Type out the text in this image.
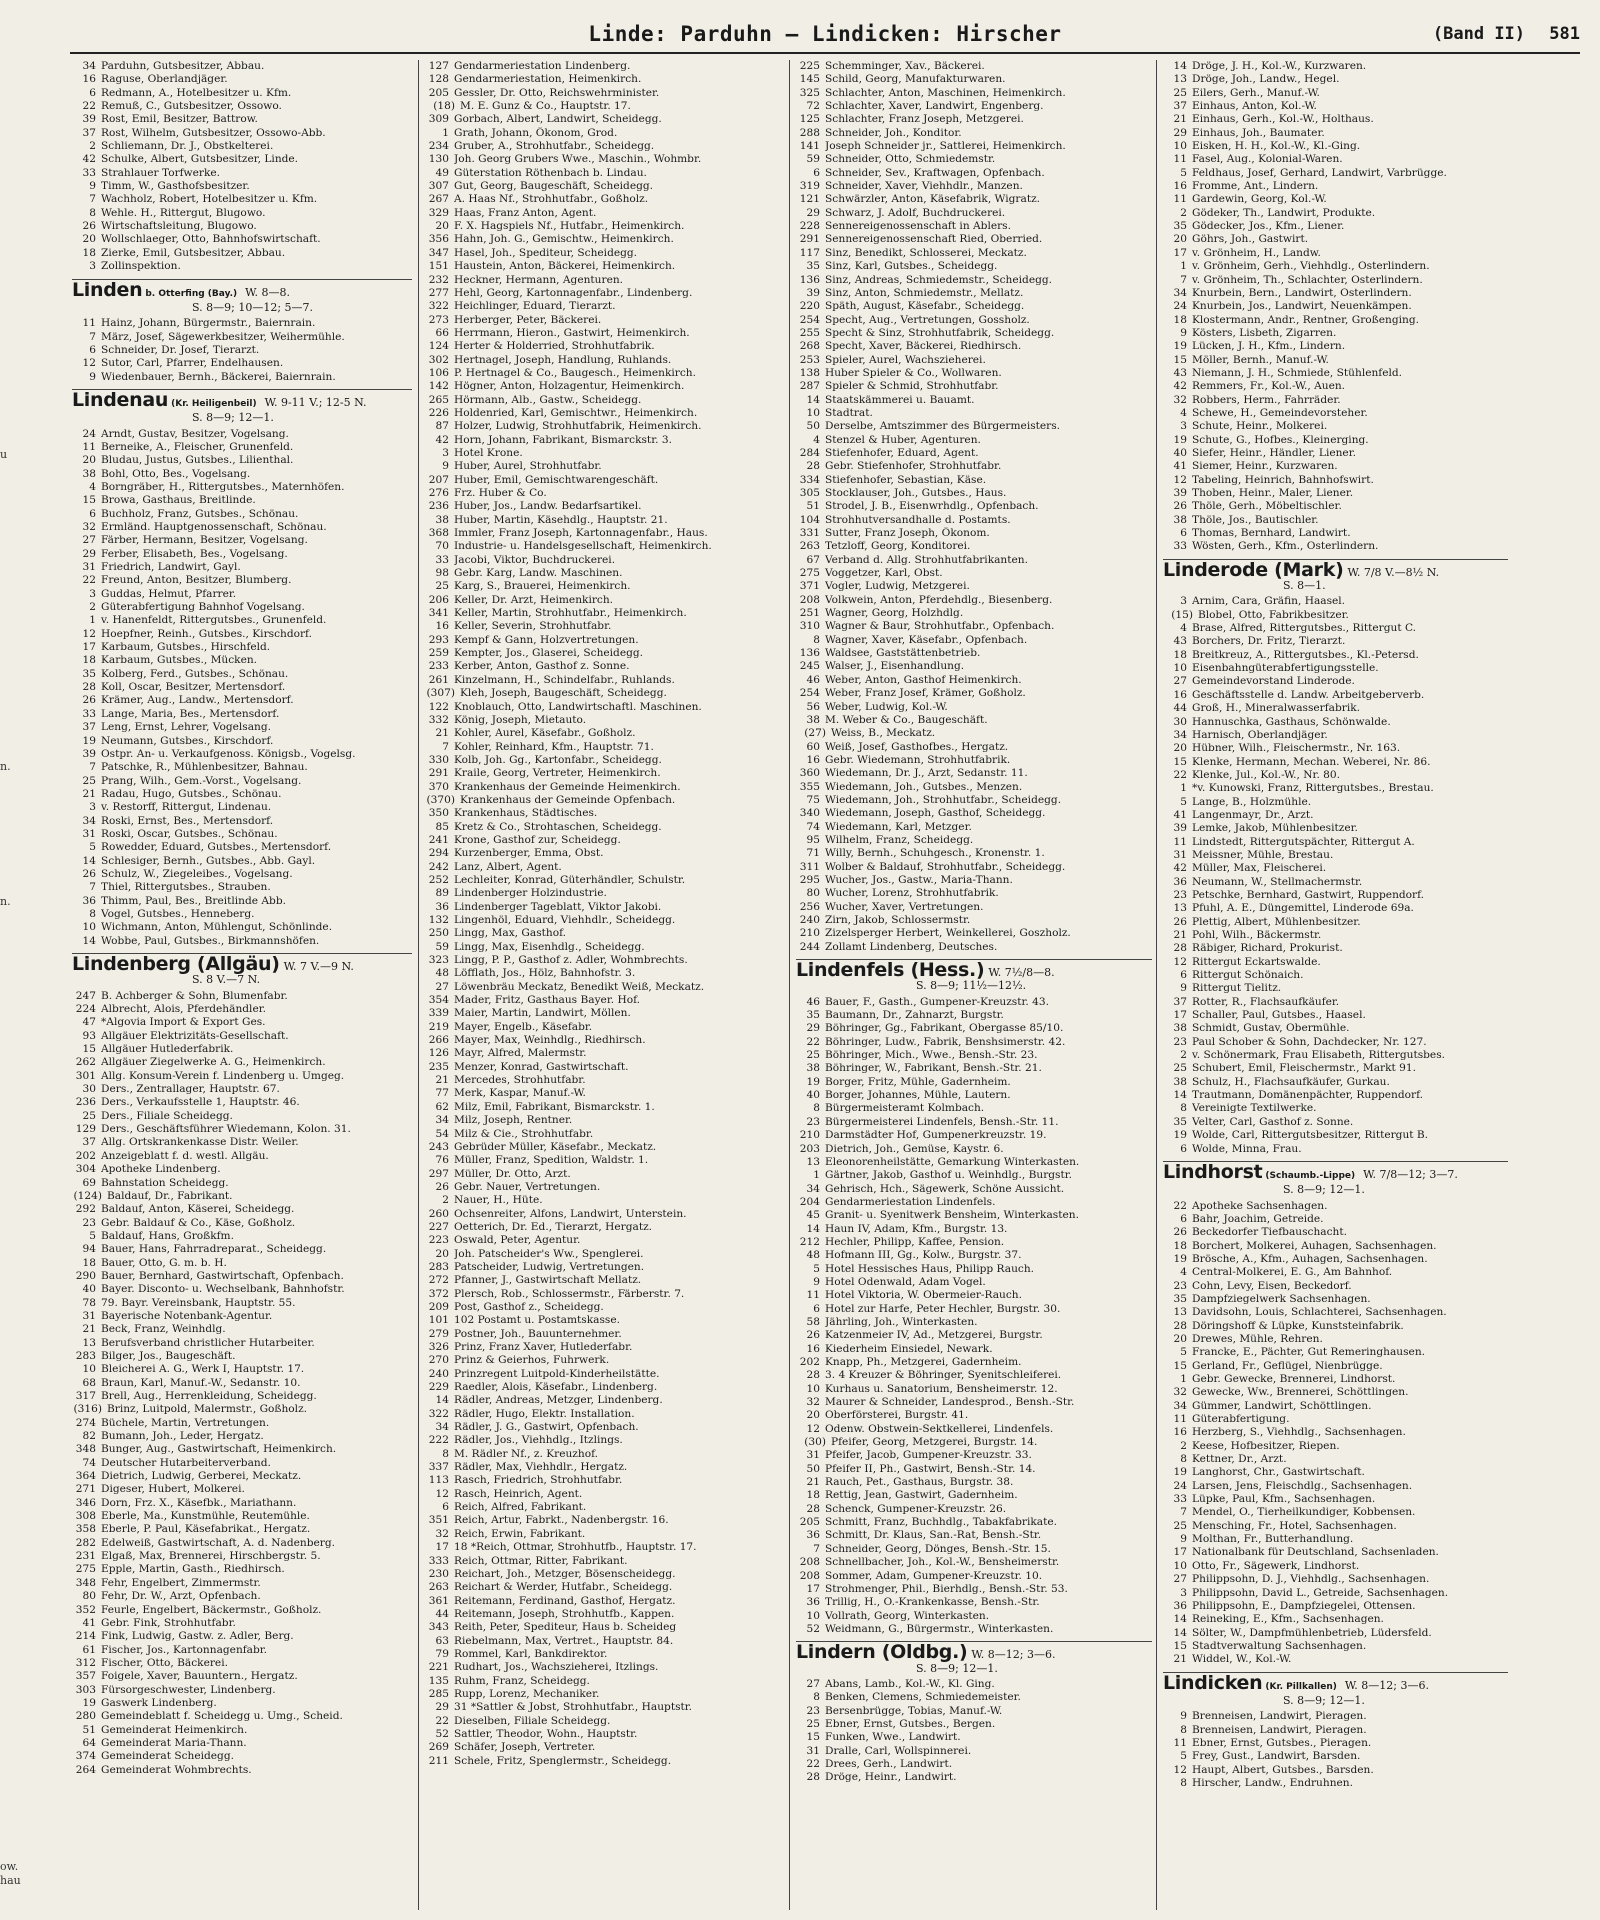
Linde: Parduhn — Lindicken: Hirscher	(Band II) 581
u
n.
n.
ow.
hau
34 Parduhn, Gutsbesitzer, Abbau.
16 Raguse, Oberlandjäger.
6 Redmann, A., Hotelbesitzer u. Kfm.
22 Remuß, C., Gutsbesitzer, Ossowo.
39 Rost, Emil, Besitzer, Battrow.
37 Rost, Wilhelm, Gutsbesitzer, Ossowo-Abb.
2 Schliemann, Dr. J., Obstkelterei.
42 Schulke, Albert, Gutsbesitzer, Linde.
33 Strahlauer Torfwerke.
9 Timm, W., Gasthofsbesitzer.
7 Wachholz, Robert, Hotelbesitzer u. Kfm.
8 Wehle. H., Rittergut, Blugowo.
26 Wirtschaftsleitung, Blugowo.
20 Wollschlaeger, Otto, Bahnhofswirtschaft.
18 Zierke, Emil, Gutsbesitzer, Abbau.
3 Zollinspektion.
Linden b. Otterfing (Bay.) W. 8—8.
S. 8—9; 10—12; 5—7.
11 Hainz, Johann, Bürgermstr., Baiernrain.
7 März, Josef, Sägewerkbesitzer, Weihermühle.
6 Schneider, Dr. Josef, Tierarzt.
12 Sutor, Carl, Pfarrer, Endelhausen.
9 Wiedenbauer, Bernh., Bäckerei, Baiernrain.
Lindenau (Kr. Heiligenbeil) W. 9-11 V.; 12-5 N.
S. 8—9; 12—1.
24 Arndt, Gustav, Besitzer, Vogelsang.
11 Berneike, A., Fleischer, Grunenfeld.
20 Bludau, Justus, Gutsbes., Lilienthal.
38 Bohl, Otto, Bes., Vogelsang.
4 Borngräber, H., Rittergutsbes., Maternhöfen.
15 Browa, Gasthaus, Breitlinde.
6 Buchholz, Franz, Gutsbes., Schönau.
32 Ermländ. Hauptgenossenschaft, Schönau.
27 Färber, Hermann, Besitzer, Vogelsang.
29 Ferber, Elisabeth, Bes., Vogelsang.
31 Friedrich, Landwirt, Gayl.
22 Freund, Anton, Besitzer, Blumberg.
3 Guddas, Helmut, Pfarrer.
2 Güterabfertigung Bahnhof Vogelsang.
1 v. Hanenfeldt, Rittergutsbes., Grunenfeld.
12 Hoepfner, Reinh., Gutsbes., Kirschdorf.
17 Karbaum, Gutsbes., Hirschfeld.
18 Karbaum, Gutsbes., Mücken.
35 Kolberg, Ferd., Gutsbes., Schönau.
28 Koll, Oscar, Besitzer, Mertensdorf.
26 Krämer, Aug., Landw., Mertensdorf.
33 Lange, Maria, Bes., Mertensdorf.
37 Leng, Ernst, Lehrer, Vogelsang.
19 Neumann, Gutsbes., Kirschdorf.
39 Ostpr. An- u. Verkaufgenoss. Königsb., Vogelsg.
7 Patschke, R., Mühlenbesitzer, Bahnau.
25 Prang, Wilh., Gem.-Vorst., Vogelsang.
21 Radau, Hugo, Gutsbes., Schönau.
3 v. Restorff, Rittergut, Lindenau.
34 Roski, Ernst, Bes., Mertensdorf.
31 Roski, Oscar, Gutsbes., Schönau.
5 Rowedder, Eduard, Gutsbes., Mertensdorf.
14 Schlesiger, Bernh., Gutsbes., Abb. Gayl.
26 Schulz, W., Ziegeleibes., Vogelsang.
7 Thiel, Rittergutsbes., Strauben.
36 Thimm, Paul, Bes., Breitlinde Abb.
8 Vogel, Gutsbes., Henneberg.
10 Wichmann, Anton, Mühlengut, Schönlinde.
14 Wobbe, Paul, Gutsbes., Birkmannshöfen.
Lindenberg (Allgäu) W. 7 V.—9 N.
S. 8 V.—7 N.
247 B. Achberger & Sohn, Blumenfabr.
224 Albrecht, Alois, Pferdehändler.
47 *Algovia Import & Export Ges.
93 Allgäuer Elektrizitäts-Gesellschaft.
15 Allgäuer Hutlederfabrik.
262 Allgäuer Ziegelwerke A. G., Heimenkirch.
301 Allg. Konsum-Verein f. Lindenberg u. Umgeg.
30 Ders., Zentrallager, Hauptstr. 67.
236 Ders., Verkaufsstelle 1, Hauptstr. 46.
25 Ders., Filiale Scheidegg.
129 Ders., Geschäftsführer Wiedemann, Kolon. 31.
37 Allg. Ortskrankenkasse Distr. Weiler.
202 Anzeigeblatt f. d. westl. Allgäu.
304 Apotheke Lindenberg.
69 Bahnstation Scheidegg.
(124) Baldauf, Dr., Fabrikant.
292 Baldauf, Anton, Käserei, Scheidegg.
23 Gebr. Baldauf & Co., Käse, Goßholz.
5 Baldauf, Hans, Großkfm.
94 Bauer, Hans, Fahrradreparat., Scheidegg.
18 Bauer, Otto, G. m. b. H.
290 Bauer, Bernhard, Gastwirtschaft, Opfenbach.
40 Bayer. Disconto- u. Wechselbank, Bahnhofstr.
78 79. Bayr. Vereinsbank, Hauptstr. 55.
31 Bayerische Notenbank-Agentur.
21 Beck, Franz, Weinhdlg.
13 Berufsverband christlicher Hutarbeiter.
283 Bilger, Jos., Baugeschäft.
10 Bleicherei A. G., Werk I, Hauptstr. 17.
68 Braun, Karl, Manuf.-W., Sedanstr. 10.
317 Brell, Aug., Herrenkleidung, Scheidegg.
(316) Brinz, Luitpold, Malermstr., Goßholz.
274 Büchele, Martin, Vertretungen.
82 Bumann, Joh., Leder, Hergatz.
348 Bunger, Aug., Gastwirtschaft, Heimenkirch.
74 Deutscher Hutarbeiterverband.
364 Dietrich, Ludwig, Gerberei, Meckatz.
271 Digeser, Hubert, Molkerei.
346 Dorn, Frz. X., Käsefbk., Mariathann.
308 Eberle, Ma., Kunstmühle, Reutemühle.
358 Eberle, P. Paul, Käsefabrikat., Hergatz.
282 Edelweiß, Gastwirtschaft, A. d. Nadenberg.
231 Elgaß, Max, Brennerei, Hirschbergstr. 5.
275 Epple, Martin, Gasth., Riedhirsch.
348 Fehr, Engelbert, Zimmermstr.
80 Fehr, Dr. W., Arzt, Opfenbach.
352 Feurle, Engelbert, Bäckermstr., Goßholz.
41 Gebr. Fink, Strohhutfabr.
214 Fink, Ludwig, Gastw. z. Adler, Berg.
61 Fischer, Jos., Kartonnagenfabr.
312 Fischer, Otto, Bäckerei.
357 Foigele, Xaver, Bauuntern., Hergatz.
303 Fürsorgeschwester, Lindenberg.
19 Gaswerk Lindenberg.
280 Gemeindeblatt f. Scheidegg u. Umg., Scheid.
51 Gemeinderat Heimenkirch.
64 Gemeinderat Maria-Thann.
374 Gemeinderat Scheidegg.
264 Gemeinderat Wohmbrechts.
127 Gendarmeriestation Lindenberg.
128 Gendarmeriestation, Heimenkirch.
205 Gessler, Dr. Otto, Reichswehrminister.
(18) M. E. Gunz & Co., Hauptstr. 17.
309 Gorbach, Albert, Landwirt, Scheidegg.
1 Grath, Johann, Ökonom, Grod.
234 Gruber, A., Strohhutfabr., Scheidegg.
130 Joh. Georg Grubers Wwe., Maschin., Wohmbr.
49 Güterstation Röthenbach b. Lindau.
307 Gut, Georg, Baugeschäft, Scheidegg.
267 A. Haas Nf., Strohhutfabr., Goßholz.
329 Haas, Franz Anton, Agent.
20 F. X. Hagspiels Nf., Hutfabr., Heimenkirch.
356 Hahn, Joh. G., Gemischtw., Heimenkirch.
347 Hasel, Joh., Spediteur, Scheidegg.
151 Haustein, Anton, Bäckerei, Heimenkirch.
232 Heckner, Hermann, Agenturen.
277 Hehl, Georg, Kartonnagenfabr., Lindenberg.
322 Heichlinger, Eduard, Tierarzt.
273 Herberger, Peter, Bäckerei.
66 Herrmann, Hieron., Gastwirt, Heimenkirch.
124 Herter & Holderried, Strohhutfabrik.
302 Hertnagel, Joseph, Handlung, Ruhlands.
106 P. Hertnagel & Co., Baugesch., Heimenkirch.
142 Högner, Anton, Holzagentur, Heimenkirch.
265 Hörmann, Alb., Gastw., Scheidegg.
226 Holdenried, Karl, Gemischtwr., Heimenkirch.
87 Holzer, Ludwig, Strohhutfabrik, Heimenkirch.
42 Horn, Johann, Fabrikant, Bismarckstr. 3.
3 Hotel Krone.
9 Huber, Aurel, Strohhutfabr.
207 Huber, Emil, Gemischtwarengeschäft.
276 Frz. Huber & Co.
236 Huber, Jos., Landw. Bedarfsartikel.
38 Huber, Martin, Käsehdlg., Hauptstr. 21.
368 Immler, Franz Joseph, Kartonnagenfabr., Haus.
70 Industrie- u. Handelsgesellschaft, Heimenkirch.
33 Jacobi, Viktor, Buchdruckerei.
98 Gebr. Karg, Landw. Maschinen.
25 Karg, S., Brauerei, Heimenkirch.
206 Keller, Dr. Arzt, Heimenkirch.
341 Keller, Martin, Strohhutfabr., Heimenkirch.
16 Keller, Severin, Strohhutfabr.
293 Kempf & Gann, Holzvertretungen.
259 Kempter, Jos., Glaserei, Scheidegg.
233 Kerber, Anton, Gasthof z. Sonne.
261 Kinzelmann, H., Schindelfabr., Ruhlands.
(307) Kleh, Joseph, Baugeschäft, Scheidegg.
122 Knoblauch, Otto, Landwirtschaftl. Maschinen.
332 König, Joseph, Mietauto.
21 Kohler, Aurel, Käsefabr., Goßholz.
7 Kohler, Reinhard, Kfm., Hauptstr. 71.
330 Kolb, Joh. Gg., Kartonfabr., Scheidegg.
291 Kraile, Georg, Vertreter, Heimenkirch.
370 Krankenhaus der Gemeinde Heimenkirch.
(370) Krankenhaus der Gemeinde Opfenbach.
350 Krankenhaus, Städtisches.
85 Kretz & Co., Strohtaschen, Scheidegg.
241 Krone, Gasthof zur, Scheidegg.
294 Kurzenberger, Emma, Obst.
242 Lanz, Albert, Agent.
252 Lechleiter, Konrad, Güterhändler, Schulstr.
89 Lindenberger Holzindustrie.
36 Lindenberger Tageblatt, Viktor Jakobi.
132 Lingenhöl, Eduard, Viehhdlr., Scheidegg.
250 Lingg, Max, Gasthof.
59 Lingg, Max, Eisenhdlg., Scheidegg.
323 Lingg, P. P., Gasthof z. Adler, Wohmbrechts.
48 Löfflath, Jos., Hölz, Bahnhofstr. 3.
27 Löwenbräu Meckatz, Benedikt Weiß, Meckatz.
354 Mader, Fritz, Gasthaus Bayer. Hof.
339 Maier, Martin, Landwirt, Möllen.
219 Mayer, Engelb., Käsefabr.
266 Mayer, Max, Weinhdlg., Riedhirsch.
126 Mayr, Alfred, Malermstr.
235 Menzer, Konrad, Gastwirtschaft.
21 Mercedes, Strohhutfabr.
77 Merk, Kaspar, Manuf.-W.
62 Milz, Emil, Fabrikant, Bismarckstr. 1.
34 Milz, Joseph, Rentner.
54 Milz & Cie., Strohhutfabr.
243 Gebrüder Müller, Käsefabr., Meckatz.
76 Müller, Franz, Spedition, Waldstr. 1.
297 Müller, Dr. Otto, Arzt.
26 Gebr. Nauer, Vertretungen.
2 Nauer, H., Hüte.
260 Ochsenreiter, Alfons, Landwirt, Unterstein.
227 Oetterich, Dr. Ed., Tierarzt, Hergatz.
223 Oswald, Peter, Agentur.
20 Joh. Patscheider's Ww., Spenglerei.
283 Patscheider, Ludwig, Vertretungen.
272 Pfanner, J., Gastwirtschaft Mellatz.
372 Plersch, Rob., Schlossermstr., Färberstr. 7.
209 Post, Gasthof z., Scheidegg.
101 102 Postamt u. Postamtskasse.
279 Postner, Joh., Bauunternehmer.
326 Prinz, Franz Xaver, Hutlederfabr.
270 Prinz & Geierhos, Fuhrwerk.
240 Prinzregent Luitpold-Kinderheilstätte.
229 Raedler, Alois, Käsefabr., Lindenberg.
14 Rädler, Andreas, Metzger, Lindenberg.
322 Rädler, Hugo, Elektr. Installation.
34 Rädler, J. G., Gastwirt, Opfenbach.
222 Rädler, Jos., Viehhdlg., Itzlings.
8 M. Rädler Nf., z. Kreuzhof.
337 Rädler, Max, Viehhdlr., Hergatz.
113 Rasch, Friedrich, Strohhutfabr.
12 Rasch, Heinrich, Agent.
6 Reich, Alfred, Fabrikant.
351 Reich, Artur, Fabrkt., Nadenbergstr. 16.
32 Reich, Erwin, Fabrikant.
17 18 *Reich, Ottmar, Strohhutfb., Hauptstr. 17.
333 Reich, Ottmar, Ritter, Fabrikant.
230 Reichart, Joh., Metzger, Bösenscheidegg.
263 Reichart & Werder, Hutfabr., Scheidegg.
361 Reitemann, Ferdinand, Gasthof, Hergatz.
44 Reitemann, Joseph, Strohhutfb., Kappen.
343 Reith, Peter, Spediteur, Haus b. Scheideg
63 Riebelmann, Max, Vertret., Hauptstr. 84.
79 Rommel, Karl, Bankdirektor.
221 Rudhart, Jos., Wachszieherei, Itzlings.
135 Ruhm, Franz, Scheidegg.
285 Rupp, Lorenz, Mechaniker.
29 31 *Sattler & Jobst, Strohhutfabr., Hauptstr.
22 Dieselben, Filiale Scheidegg.
52 Sattler, Theodor, Wohn., Hauptstr.
269 Schäfer, Joseph, Vertreter.
211 Schele, Fritz, Spenglermstr., Scheidegg.
225 Schemminger, Xav., Bäckerei.
145 Schild, Georg, Manufakturwaren.
325 Schlachter, Anton, Maschinen, Heimenkirch.
72 Schlachter, Xaver, Landwirt, Engenberg.
125 Schlachter, Franz Joseph, Metzgerei.
288 Schneider, Joh., Konditor.
141 Joseph Schneider jr., Sattlerei, Heimenkirch.
59 Schneider, Otto, Schmiedemstr.
6 Schneider, Sev., Kraftwagen, Opfenbach.
319 Schneider, Xaver, Viehhdlr., Manzen.
121 Schwärzler, Anton, Käsefabrik, Wigratz.
29 Schwarz, J. Adolf, Buchdruckerei.
228 Sennereigenossenschaft in Ablers.
291 Sennereigenossenschaft Ried, Oberried.
117 Sinz, Benedikt, Schlosserei, Meckatz.
35 Sinz, Karl, Gutsbes., Scheidegg.
136 Sinz, Andreas, Schmiedemstr., Scheidegg.
39 Sinz, Anton, Schmiedemstr., Mellatz.
220 Späth, August, Käsefabr., Scheidegg.
254 Specht, Aug., Vertretungen, Gossholz.
255 Specht & Sinz, Strohhutfabrik, Scheidegg.
268 Specht, Xaver, Bäckerei, Riedhirsch.
253 Spieler, Aurel, Wachszieherei.
138 Huber Spieler & Co., Wollwaren.
287 Spieler & Schmid, Strohhutfabr.
14 Staatskämmerei u. Bauamt.
10 Stadtrat.
50 Derselbe, Amtszimmer des Bürgermeisters.
4 Stenzel & Huber, Agenturen.
284 Stiefenhofer, Eduard, Agent.
28 Gebr. Stiefenhofer, Strohhutfabr.
334 Stiefenhofer, Sebastian, Käse.
305 Stocklauser, Joh., Gutsbes., Haus.
51 Strodel, J. B., Eisenwrhdlg., Opfenbach.
104 Strohhutversandhalle d. Postamts.
331 Sutter, Franz Joseph, Ökonom.
263 Tetzloff, Georg, Konditorei.
67 Verband d. Allg. Strohhutfabrikanten.
275 Voggetzer, Karl, Obst.
371 Vogler, Ludwig, Metzgerei.
208 Volkwein, Anton, Pferdehdlg., Biesenberg.
251 Wagner, Georg, Holzhdlg.
310 Wagner & Baur, Strohhutfabr., Opfenbach.
8 Wagner, Xaver, Käsefabr., Opfenbach.
136 Waldsee, Gaststättenbetrieb.
245 Walser, J., Eisenhandlung.
46 Weber, Anton, Gasthof Heimenkirch.
254 Weber, Franz Josef, Krämer, Goßholz.
56 Weber, Ludwig, Kol.-W.
38 M. Weber & Co., Baugeschäft.
(27) Weiss, B., Meckatz.
60 Weiß, Josef, Gasthofbes., Hergatz.
16 Gebr. Wiedemann, Strohhutfabrik.
360 Wiedemann, Dr. J., Arzt, Sedanstr. 11.
355 Wiedemann, Joh., Gutsbes., Menzen.
75 Wiedemann, Joh., Strohhutfabr., Scheidegg.
340 Wiedemann, Joseph, Gasthof, Scheidegg.
74 Wiedemann, Karl, Metzger.
95 Wilhelm, Franz, Scheidegg.
71 Willy, Bernh., Schuhgesch., Kronenstr. 1.
311 Wolber & Baldauf, Strohhutfabr., Scheidegg.
295 Wucher, Jos., Gastw., Maria-Thann.
80 Wucher, Lorenz, Strohhutfabrik.
256 Wucher, Xaver, Vertretungen.
240 Zirn, Jakob, Schlossermstr.
210 Zizelsperger Herbert, Weinkellerei, Goszholz.
244 Zollamt Lindenberg, Deutsches.
Lindenfels (Hess.) W. 7½/8—8.
S. 8—9; 11½—12½.
46 Bauer, F., Gasth., Gumpener-Kreuzstr. 43.
35 Baumann, Dr., Zahnarzt, Burgstr.
29 Böhringer, Gg., Fabrikant, Obergasse 85/10.
22 Böhringer, Ludw., Fabrik, Benshsimerstr. 42.
25 Böhringer, Mich., Wwe., Bensh.-Str. 23.
38 Böhringer, W., Fabrikant, Bensh.-Str. 21.
19 Borger, Fritz, Mühle, Gadernheim.
40 Borger, Johannes, Mühle, Lautern.
8 Bürgermeisteramt Kolmbach.
23 Bürgermeisterei Lindenfels, Bensh.-Str. 11.
210 Darmstädter Hof, Gumpenerkreuzstr. 19.
203 Dietrich, Joh., Gemüse, Kaystr. 6.
13 Eleonorenheilstätte, Gemarkung Winterkasten.
1 Gärtner, Jakob, Gasthof u. Weinhdlg., Burgstr.
34 Gehrisch, Hch., Sägewerk, Schöne Aussicht.
204 Gendarmeriestation Lindenfels.
45 Granit- u. Syenitwerk Bensheim, Winterkasten.
14 Haun IV, Adam, Kfm., Burgstr. 13.
212 Hechler, Philipp, Kaffee, Pension.
48 Hofmann III, Gg., Kolw., Burgstr. 37.
5 Hotel Hessisches Haus, Philipp Rauch.
9 Hotel Odenwald, Adam Vogel.
11 Hotel Viktoria, W. Obermeier-Rauch.
6 Hotel zur Harfe, Peter Hechler, Burgstr. 30.
58 Jährling, Joh., Winterkasten.
26 Katzenmeier IV, Ad., Metzgerei, Burgstr.
16 Kiederheim Einsiedel, Newark.
202 Knapp, Ph., Metzgerei, Gadernheim.
28 3. 4 Kreuzer & Böhringer, Syenitschleiferei.
10 Kurhaus u. Sanatorium, Bensheimerstr. 12.
32 Maurer & Schneider, Landesprod., Bensh.-Str.
20 Oberförsterei, Burgstr. 41.
12 Odenw. Obstwein-Sektkellerei, Lindenfels.
(30) Pfeifer, Georg, Metzgerei, Burgstr. 14.
31 Pfeifer, Jacob, Gumpener-Kreuzstr. 33.
50 Pfeifer II, Ph., Gastwirt, Bensh.-Str. 14.
21 Rauch, Pet., Gasthaus, Burgstr. 38.
18 Rettig, Jean, Gastwirt, Gadernheim.
28 Schenck, Gumpener-Kreuzstr. 26.
205 Schmitt, Franz, Buchhdlg., Tabakfabrikate.
36 Schmitt, Dr. Klaus, San.-Rat, Bensh.-Str.
7 Schneider, Georg, Dönges, Bensh.-Str. 15.
208 Schnellbacher, Joh., Kol.-W., Bensheimerstr.
208 Sommer, Adam, Gumpener-Kreuzstr. 10.
17 Strohmenger, Phil., Bierhdlg., Bensh.-Str. 53.
36 Trillig, H., O.-Krankenkasse, Bensh.-Str.
10 Vollrath, Georg, Winterkasten.
52 Weidmann, G., Bürgermstr., Winterkasten.
Lindern (Oldbg.) W. 8—12; 3—6.
S. 8—9; 12—1.
27 Abans, Lamb., Kol.-W., Kl. Ging.
8 Benken, Clemens, Schmiedemeister.
23 Bersenbrügge, Tobias, Manuf.-W.
25 Ebner, Ernst, Gutsbes., Bergen.
15 Funken, Wwe., Landwirt.
31 Dralle, Carl, Wollspinnerei.
22 Drees, Gerh., Landwirt.
28 Dröge, Heinr., Landwirt.
14 Dröge, J. H., Kol.-W., Kurzwaren.
13 Dröge, Joh., Landw., Hegel.
25 Eilers, Gerh., Manuf.-W.
37 Einhaus, Anton, Kol.-W.
21 Einhaus, Gerh., Kol.-W., Holthaus.
29 Einhaus, Joh., Baumater.
10 Eisken, H. H., Kol.-W., Kl.-Ging.
11 Fasel, Aug., Kolonial-Waren.
5 Feldhaus, Josef, Gerhard, Landwirt, Varbrügge.
16 Fromme, Ant., Lindern.
11 Gardewin, Georg, Kol.-W.
2 Gödeker, Th., Landwirt, Produkte.
35 Gödecker, Jos., Kfm., Liener.
20 Göhrs, Joh., Gastwirt.
17 v. Grönheim, H., Landw.
1 v. Grönheim, Gerh., Viehhdlg., Osterlindern.
7 v. Grönheim, Th., Schlachter, Osterlindern.
34 Knurbein, Bern., Landwirt, Osterlindern.
24 Knurbein, Jos., Landwirt, Neuenkämpen.
18 Klostermann, Andr., Rentner, Großenging.
9 Kösters, Lisbeth, Zigarren.
19 Lücken, J. H., Kfm., Lindern.
15 Möller, Bernh., Manuf.-W.
43 Niemann, J. H., Schmiede, Stühlenfeld.
42 Remmers, Fr., Kol.-W., Auen.
32 Robbers, Herm., Fahrräder.
4 Schewe, H., Gemeindevorsteher.
3 Schute, Heinr., Molkerei.
19 Schute, G., Hofbes., Kleinerging.
40 Siefer, Heinr., Händler, Liener.
41 Siemer, Heinr., Kurzwaren.
12 Tabeling, Heinrich, Bahnhofswirt.
39 Thoben, Heinr., Maler, Liener.
26 Thöle, Gerh., Möbeltischler.
38 Thöle, Jos., Bautischler.
6 Thomas, Bernhard, Landwirt.
33 Wösten, Gerh., Kfm., Osterlindern.
Linderode (Mark) W. 7/8 V.—8½ N.
S. 8—1.
3 Arnim, Cara, Gräfin, Haasel.
(15) Blobel, Otto, Fabrikbesitzer.
4 Brase, Alfred, Rittergutsbes., Rittergut C.
43 Borchers, Dr. Fritz, Tierarzt.
18 Breitkreuz, A., Rittergutsbes., Kl.-Petersd.
10 Eisenbahngüterabfertigungsstelle.
27 Gemeindevorstand Linderode.
16 Geschäftsstelle d. Landw. Arbeitgeberverb.
44 Groß, H., Mineralwasserfabrik.
30 Hannuschka, Gasthaus, Schönwalde.
34 Harnisch, Oberlandjäger.
20 Hübner, Wilh., Fleischermstr., Nr. 163.
15 Klenke, Hermann, Mechan. Weberei, Nr. 86.
22 Klenke, Jul., Kol.-W., Nr. 80.
1 *v. Kunowski, Franz, Rittergutsbes., Brestau.
5 Lange, B., Holzmühle.
41 Langenmayr, Dr., Arzt.
39 Lemke, Jakob, Mühlenbesitzer.
11 Lindstedt, Rittergutspächter, Rittergut A.
31 Meissner, Mühle, Brestau.
42 Müller, Max, Fleischerei.
36 Neumann, W., Stellmachermstr.
23 Petschke, Bernhard, Gastwirt, Ruppendorf.
13 Pfuhl, A. E., Düngemittel, Linderode 69a.
26 Plettig, Albert, Mühlenbesitzer.
21 Pohl, Wilh., Bäckermstr.
28 Räbiger, Richard, Prokurist.
12 Rittergut Eckartswalde.
6 Rittergut Schönaich.
9 Rittergut Tielitz.
37 Rotter, R., Flachsaufkäufer.
17 Schaller, Paul, Gutsbes., Haasel.
38 Schmidt, Gustav, Obermühle.
23 Paul Schober & Sohn, Dachdecker, Nr. 127.
2 v. Schönermark, Frau Elisabeth, Rittergutsbes.
25 Schubert, Emil, Fleischermstr., Markt 91.
38 Schulz, H., Flachsaufkäufer, Gurkau.
14 Trautmann, Domänenpächter, Ruppendorf.
8 Vereinigte Textilwerke.
35 Velter, Carl, Gasthof z. Sonne.
19 Wolde, Carl, Rittergutsbesitzer, Rittergut B.
6 Wolde, Minna, Frau.
Lindhorst (Schaumb.-Lippe) W. 7/8—12; 3—7.
S. 8—9; 12—1.
22 Apotheke Sachsenhagen.
6 Bahr, Joachim, Getreide.
26 Beckedorfer Tiefbauschacht.
18 Borchert, Molkerei, Auhagen, Sachsenhagen.
19 Brösche, A., Kfm., Auhagen, Sachsenhagen.
4 Central-Molkerei, E. G., Am Bahnhof.
23 Cohn, Levy, Eisen, Beckedorf.
35 Dampfziegelwerk Sachsenhagen.
13 Davidsohn, Louis, Schlachterei, Sachsenhagen.
28 Döringshoff & Lüpke, Kunststeinfabrik.
20 Drewes, Mühle, Rehren.
5 Francke, E., Pächter, Gut Remeringhausen.
15 Gerland, Fr., Geflügel, Nienbrügge.
1 Gebr. Gewecke, Brennerei, Lindhorst.
32 Gewecke, Ww., Brennerei, Schöttlingen.
34 Gümmer, Landwirt, Schöttlingen.
11 Güterabfertigung.
16 Herzberg, S., Viehhdlg., Sachsenhagen.
2 Keese, Hofbesitzer, Riepen.
8 Kettner, Dr., Arzt.
19 Langhorst, Chr., Gastwirtschaft.
24 Larsen, Jens, Fleischdlg., Sachsenhagen.
33 Lüpke, Paul, Kfm., Sachsenhagen.
7 Mendel, O., Tierheilkundiger, Kobbensen.
25 Mensching, Fr., Hotel, Sachsenhagen.
9 Molthan, Fr., Butterhandlung.
17 Nationalbank für Deutschland, Sachsenladen.
10 Otto, Fr., Sägewerk, Lindhorst.
27 Philippsohn, D. J., Viehhdlg., Sachsenhagen.
3 Philippsohn, David L., Getreide, Sachsenhagen.
36 Philippsohn, E., Dampfziegelei, Ottensen.
14 Reineking, E., Kfm., Sachsenhagen.
14 Sölter, W., Dampfmühlenbetrieb, Lüdersfeld.
15 Stadtverwaltung Sachsenhagen.
21 Widdel, W., Kol.-W.
Lindicken (Kr. Pillkallen) W. 8—12; 3—6.
S. 8—9; 12—1.
9 Brenneisen, Landwirt, Pieragen.
8 Brenneisen, Landwirt, Pieragen.
11 Ebner, Ernst, Gutsbes., Pieragen.
5 Frey, Gust., Landwirt, Barsden.
12 Haupt, Albert, Gutsbes., Barsden.
8 Hirscher, Landw., Endruhnen.
